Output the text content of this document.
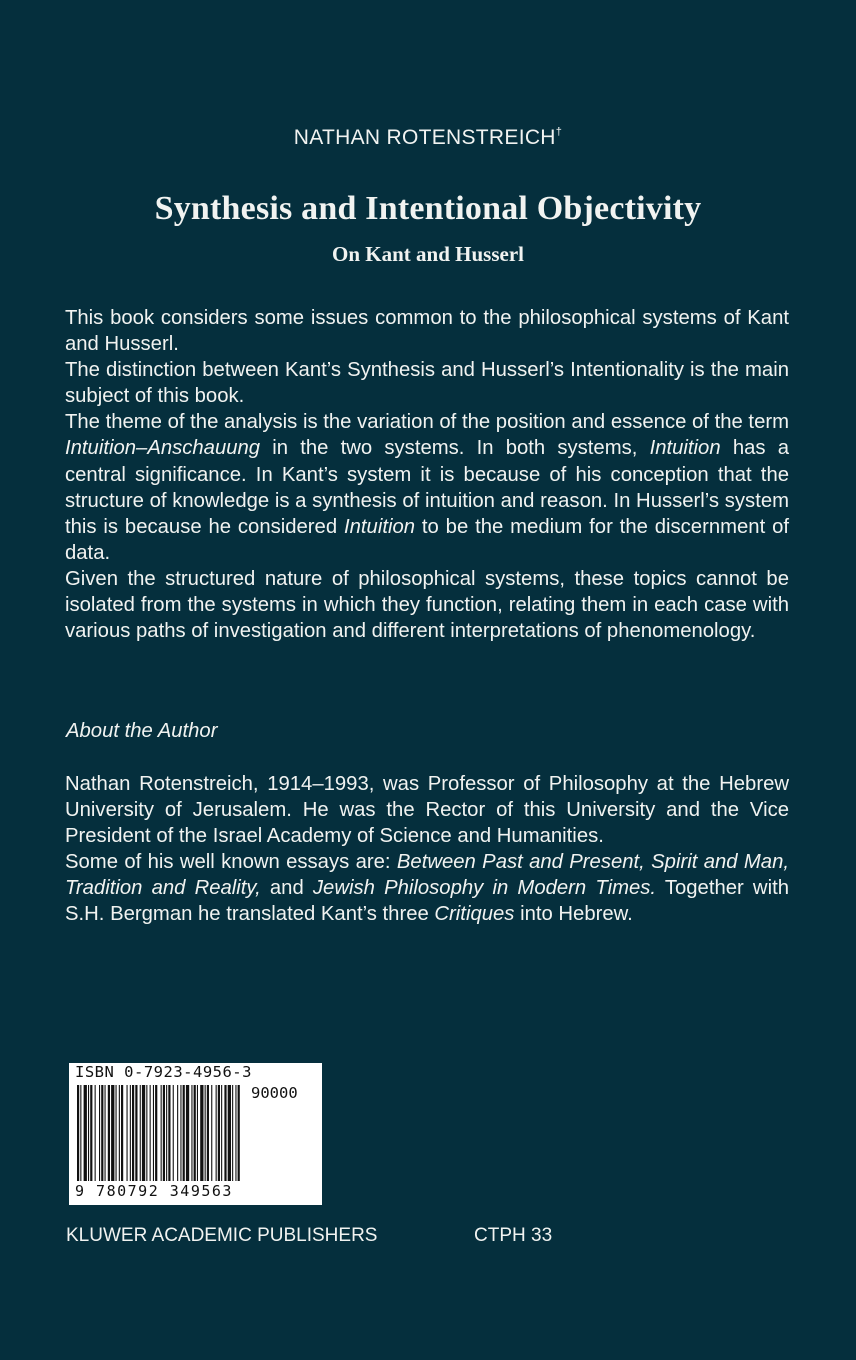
NATHAN ROTENSTREICH†
Synthesis and Intentional Objectivity
On Kant and Husserl

This book considers some issues common to the philosophical systems of Kant and Husserl.

The distinction between Kant’s Synthesis and Husserl’s Intentionality is the main subject of this book.

The theme of the analysis is the variation of the position and essence of the term Intuition–Anschauung in the two systems. In both systems, Intuition has a central significance. In Kant’s system it is because of his conception that the structure of knowledge is a synthesis of intuition and reason. In Husserl’s system this is because he considered Intuition to be the medium for the discernment of data.

Given the structured nature of philosophical systems, these topics cannot be isolated from the systems in which they function, relating them in each case with various paths of investigation and different interpretations of phenomenology.

About the Author

Nathan Rotenstreich, 1914–1993, was Professor of Philosophy at the Hebrew University of Jerusalem. He was the Rector of this University and the Vice President of the Israel Academy of Science and Humanities.

Some of his well known essays are: Between Past and Present, Spirit and Man, Tradition and Reality, and Jewish Philosophy in Modern Times. Together with S.H. Bergman he translated Kant’s three Critiques into Hebrew.

ISBN 0-7923-4956-3
90000
9 780792 349563
KLUWER ACADEMIC PUBLISHERS	CTPH 33
